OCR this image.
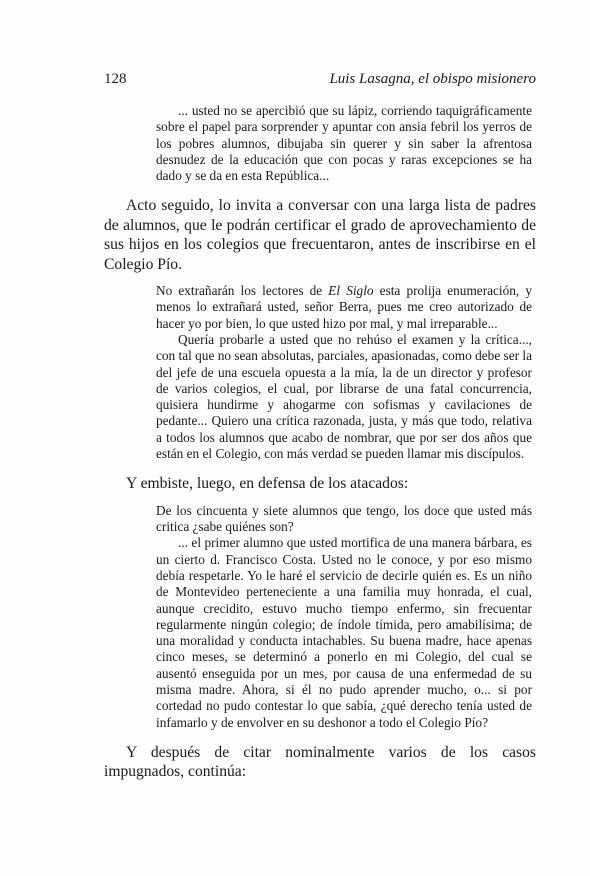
128	Luis Lasagna, el obispo misionero

... usted no se apercibió que su lápiz, corriendo taquigráficamente sobre el papel para sorprender y apuntar con ansia febril los yerros de los pobres alumnos, dibujaba sin querer y sin saber la afrentosa desnudez de la educación que con pocas y raras excepciones se ha dado y se da en esta República...

Acto seguido, lo invita a conversar con una larga lista de padres de alumnos, que le podrán certificar el grado de aprovechamiento de sus hijos en los colegios que frecuentaron, antes de inscribirse en el Colegio Pío.

No extrañarán los lectores de El Siglo esta prolija enumeración, y menos lo extrañará usted, señor Berra, pues me creo autorizado de hacer yo por bien, lo que usted hizo por mal, y mal irreparable...

Quería probarle a usted que no rehúso el examen y la crítica..., con tal que no sean absolutas, parciales, apasionadas, como debe ser la del jefe de una escuela opuesta a la mía, la de un director y profesor de varios colegios, el cual, por librarse de una fatal concurrencia, quisiera hundirme y ahogarme con sofismas y cavilaciones de pedante... Quiero una crítica razonada, justa, y más que todo, relativa a todos los alumnos que acabo de nombrar, que por ser dos años que están en el Colegio, con más verdad se pueden llamar mis discípulos.

Y embiste, luego, en defensa de los atacados:

De los cincuenta y siete alumnos que tengo, los doce que usted más critica ¿sabe quiénes son?

... el primer alumno que usted mortifica de una manera bárbara, es un cierto d. Francisco Costa. Usted no le conoce, y por eso mismo debía respetarle. Yo le haré el servicio de decirle quién es. Es un niño de Montevideo perteneciente a una familia muy honrada, el cual, aunque crecidito, estuvo mucho tiempo enfermo, sin frecuentar regularmente ningún colegio; de índole tímida, pero amabilísima; de una moralidad y conducta intachables. Su buena madre, hace apenas cinco meses, se determinó a ponerlo en mi Colegio, del cual se ausentó enseguida por un mes, por causa de una enfermedad de su misma madre. Ahora, si él no pudo aprender mucho, o... si por cortedad no pudo contestar lo que sabía, ¿qué derecho tenía usted de infamarlo y de envolver en su deshonor a todo el Colegio Pío?

Y después de citar nominalmente varios de los casos impugnados, continúa:
